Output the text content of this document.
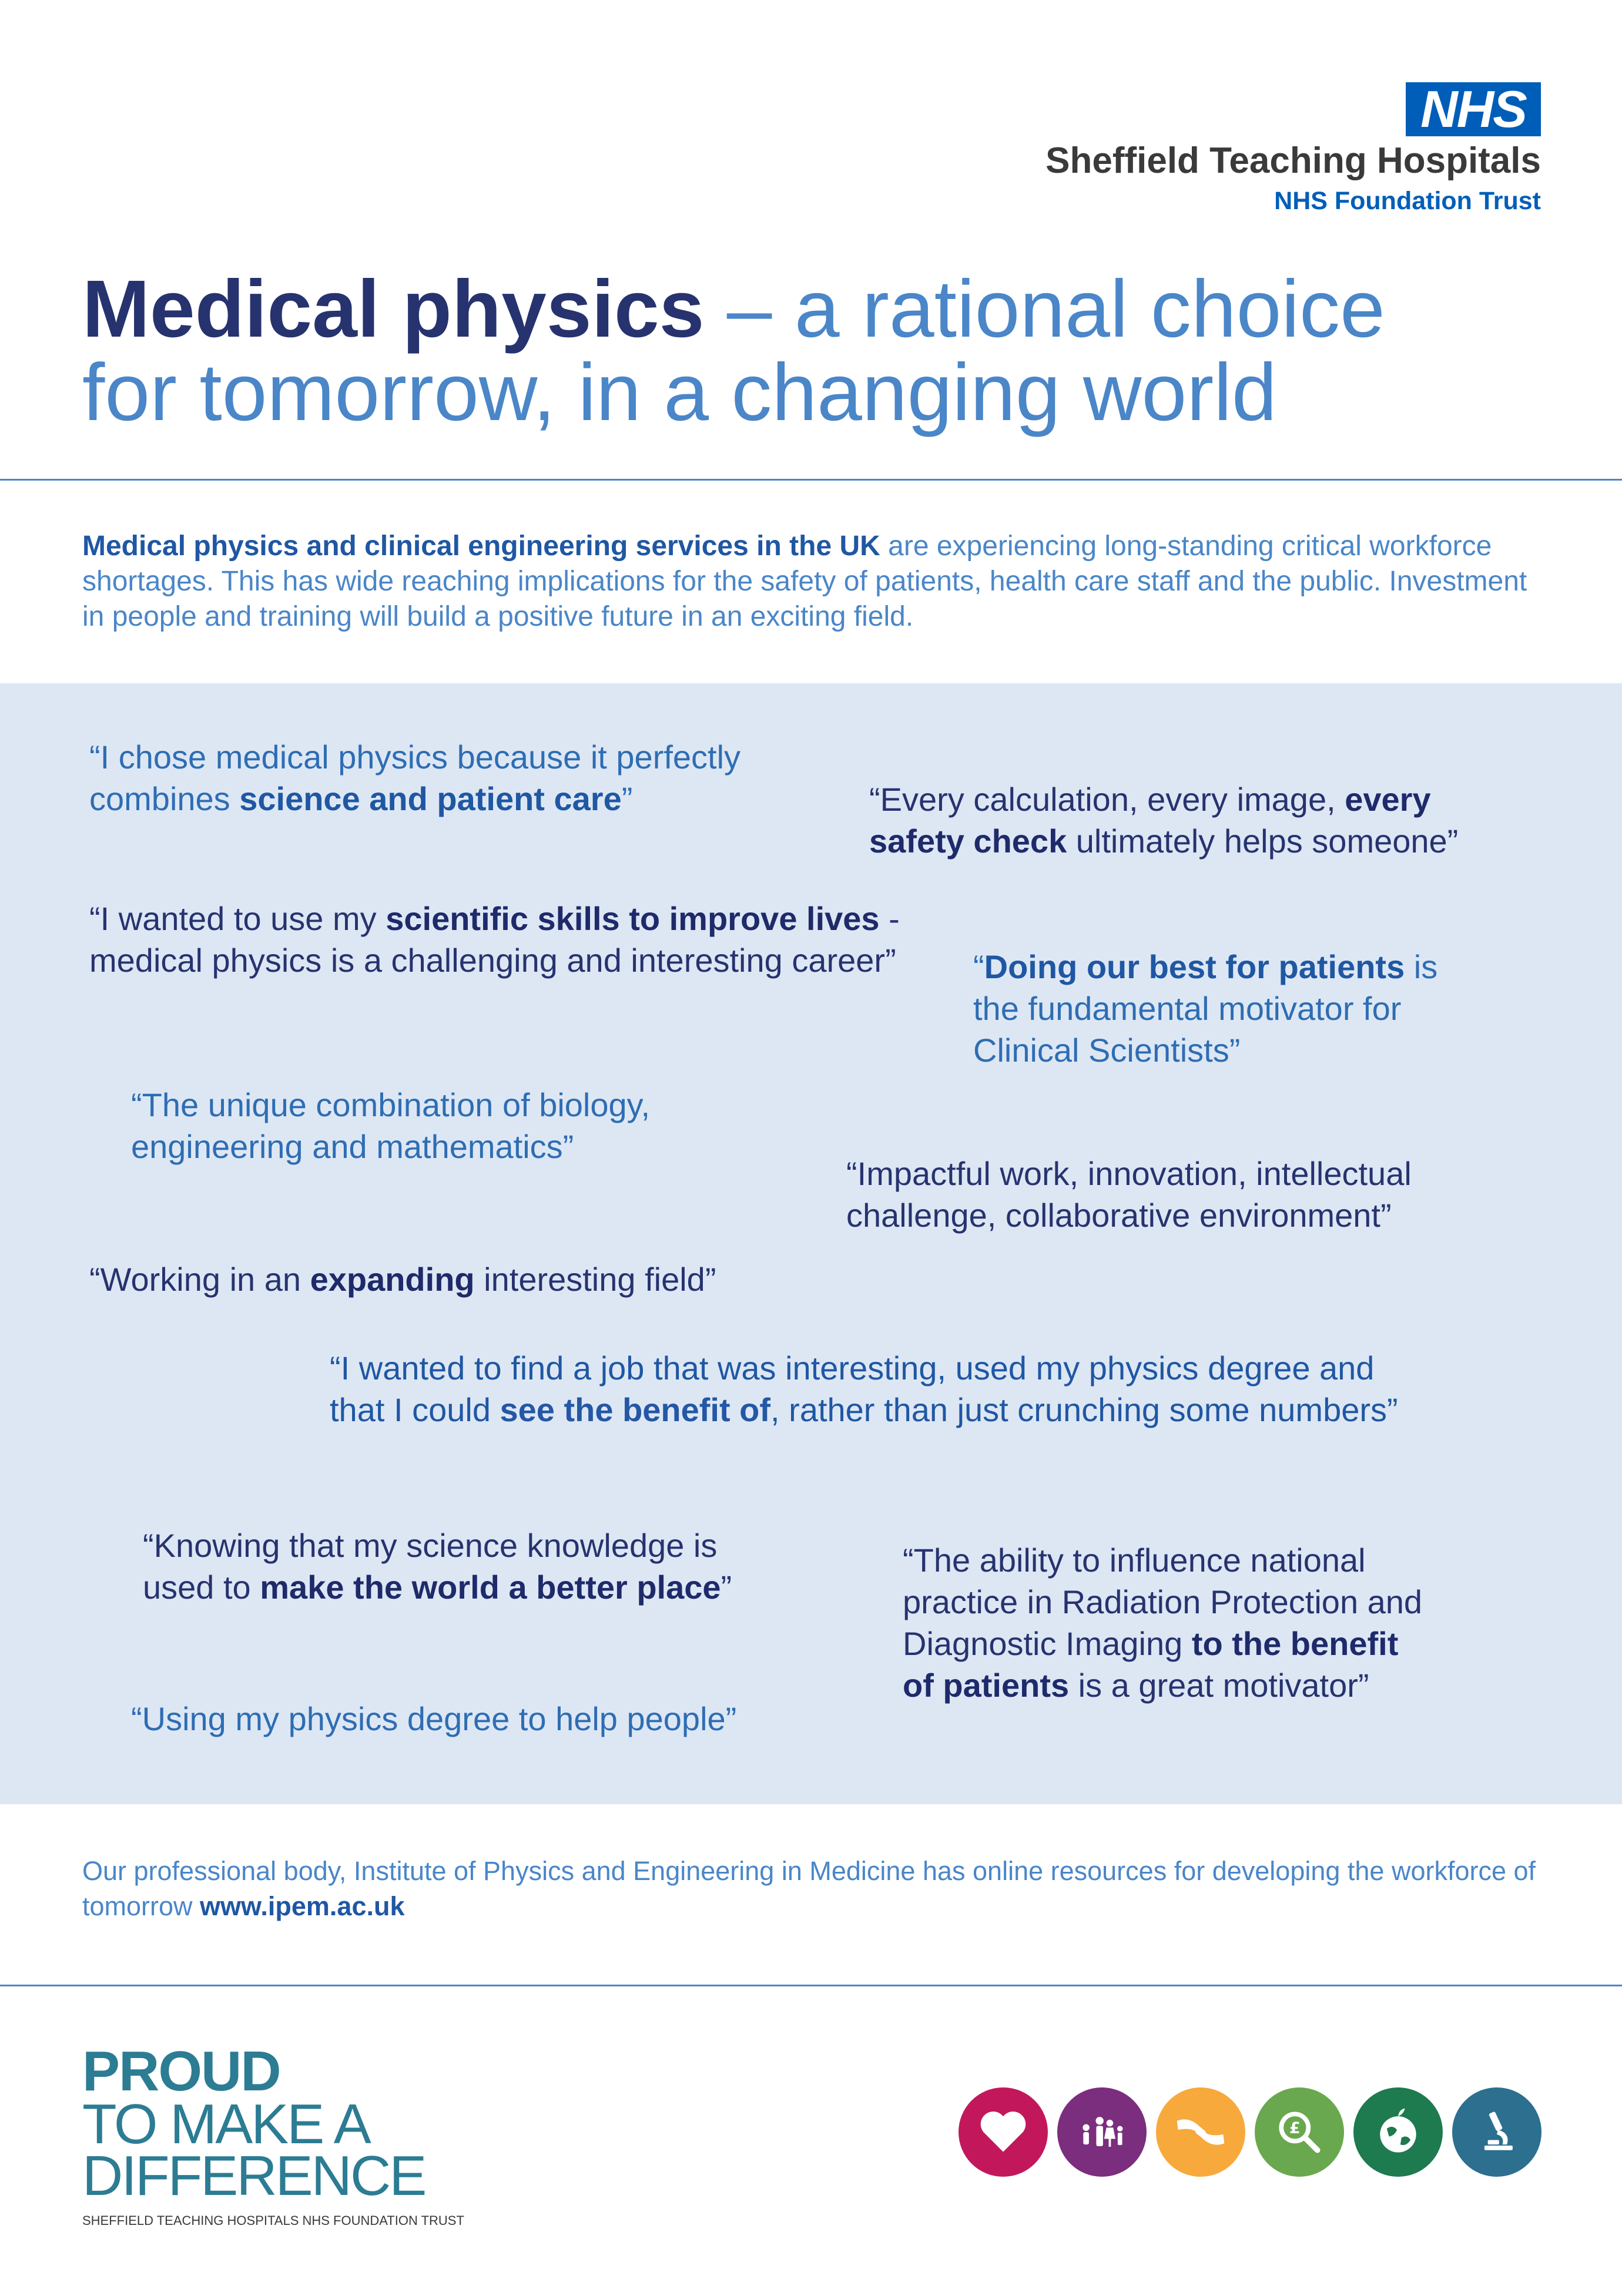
NHS
Sheffield Teaching Hospitals
NHS Foundation Trust
Medical physics – a rational choice
for tomorrow, in a changing world
Medical physics and clinical engineering services in the UK are experiencing long-standing critical workforce shortages. This has wide reaching implications for the safety of patients, health care staff and the public. Investment in people and training will build a positive future in an exciting field.
“I chose medical physics because it perfectly
combines science and patient care”	“Every calculation, every image, every
safety check ultimately helps someone”
“I wanted to use my scientific skills to improve lives -
medical physics is a challenging and interesting career” “Doing our best for patients is
the fundamental motivator for
Clinical Scientists”
“The unique combination of biology,
engineering and mathematics”
“Impactful work, innovation, intellectual
challenge, collaborative environment”
“Working in an expanding interesting field”
“I wanted to find a job that was interesting, used my physics degree and
that I could see the benefit of, rather than just crunching some numbers”
“Knowing that my science knowledge is
used to make the world a better place”
“The ability to influence national
practice in Radiation Protection and
Diagnostic Imaging to the benefit
of patients is a great motivator”
“Using my physics degree to help people”
Our professional body, Institute of Physics and Engineering in Medicine has online resources for developing the workforce of tomorrow www.ipem.ac.uk
PROUD
TO MAKE A
DIFFERENCE
SHEFFIELD TEACHING HOSPITALS NHS FOUNDATION TRUST
£
